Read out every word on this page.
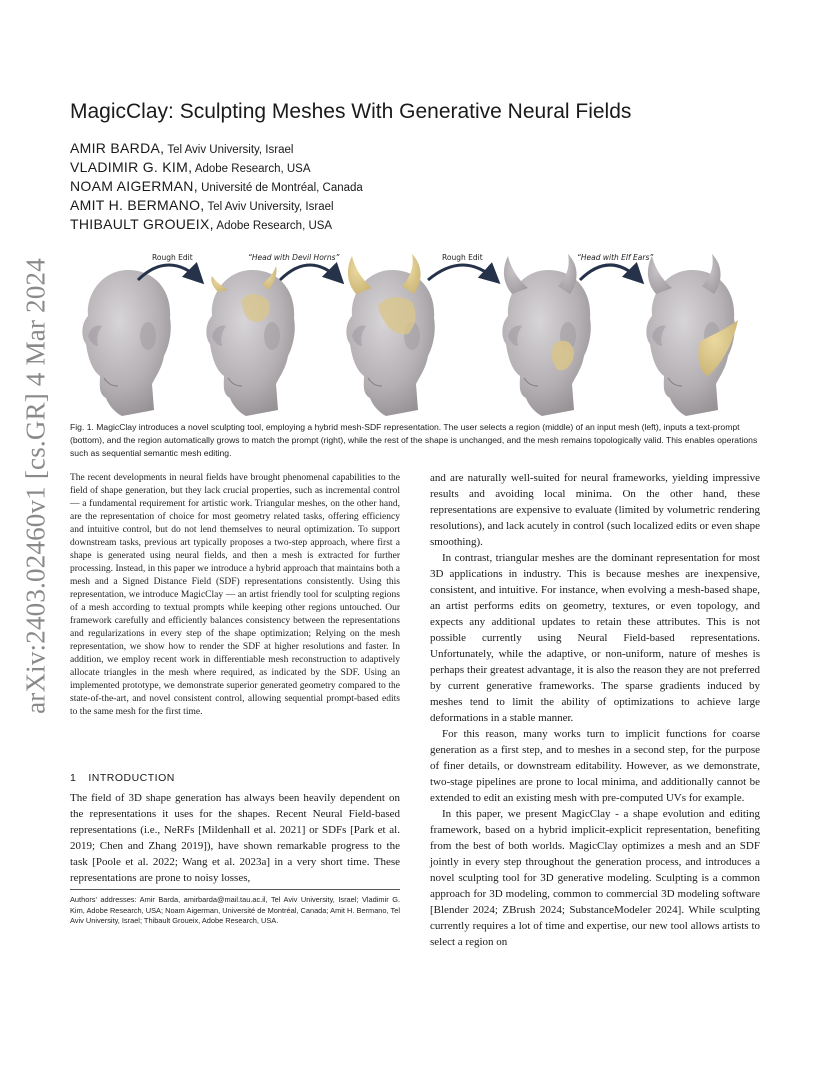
arXiv:2403.02460v1 [cs.GR] 4 Mar 2024
MagicClay: Sculpting Meshes With Generative Neural Fields
AMIR BARDA, Tel Aviv University, Israel
VLADIMIR G. KIM, Adobe Research, USA
NOAM AIGERMAN, Université de Montréal, Canada
AMIT H. BERMANO, Tel Aviv University, Israel
THIBAULT GROUEIX, Adobe Research, USA
Rough Edit	“Head with Devil Horns”	Rough Edit	“Head with Elf Ears”

Fig. 1. MagicClay introduces a novel sculpting tool, employing a hybrid mesh-SDF representation. The user selects a region (middle) of an input mesh (left), inputs a text-prompt (bottom), and the region automatically grows to match the prompt (right), while the rest of the shape is unchanged, and the mesh remains topologically valid. This enables operations such as sequential semantic mesh editing.

The recent developments in neural fields have brought phenomenal capabilities to the field of shape generation, but they lack crucial properties, such as incremental control — a fundamental requirement for artistic work. Triangular meshes, on the other hand, are the representation of choice for most geometry related tasks, offering efficiency and intuitive control, but do not lend themselves to neural optimization. To support downstream tasks, previous art typically proposes a two-step approach, where first a shape is generated using neural fields, and then a mesh is extracted for further processing. Instead, in this paper we introduce a hybrid approach that maintains both a mesh and a Signed Distance Field (SDF) representations consistently. Using this representation, we introduce MagicClay — an artist friendly tool for sculpting regions of a mesh according to textual prompts while keeping other regions untouched. Our framework carefully and efficiently balances consistency between the representations and regularizations in every step of the shape optimization; Relying on the mesh representation, we show how to render the SDF at higher resolutions and faster. In addition, we employ recent work in differentiable mesh reconstruction to adaptively allocate triangles in the mesh where required, as indicated by the SDF. Using an implemented prototype, we demonstrate superior generated geometry compared to the state-of-the-art, and novel consistent control, allowing sequential prompt-based edits to the same mesh for the first time.

1 INTRODUCTION

The field of 3D shape generation has always been heavily dependent on the representations it uses for the shapes. Recent Neural Field-based representations (i.e., NeRFs [Mildenhall et al. 2021] or SDFs [Park et al. 2019; Chen and Zhang 2019]), have shown remarkable progress to the task [Poole et al. 2022; Wang et al. 2023a] in a very short time. These representations are prone to noisy losses,

Authors' addresses: Amir Barda, amirbarda@mail.tau.ac.il, Tel Aviv University, Israel; Vladimir G. Kim, Adobe Research, USA; Noam Aigerman, Université de Montréal, Canada; Amit H. Bermano, Tel Aviv University, Israel; Thibault Groueix, Adobe Research, USA.

and are naturally well-suited for neural frameworks, yielding impressive results and avoiding local minima. On the other hand, these representations are expensive to evaluate (limited by volumetric rendering resolutions), and lack acutely in control (such localized edits or even shape smoothing).

In contrast, triangular meshes are the dominant representation for most 3D applications in industry. This is because meshes are inexpensive, consistent, and intuitive. For instance, when evolving a mesh-based shape, an artist performs edits on geometry, textures, or even topology, and expects any additional updates to retain these attributes. This is not possible currently using Neural Field-based representations. Unfortunately, while the adaptive, or non-uniform, nature of meshes is perhaps their greatest advantage, it is also the reason they are not preferred by current generative frameworks. The sparse gradients induced by meshes tend to limit the ability of optimizations to achieve large deformations in a stable manner.

For this reason, many works turn to implicit functions for coarse generation as a first step, and to meshes in a second step, for the purpose of finer details, or downstream editability. However, as we demonstrate, two-stage pipelines are prone to local minima, and additionally cannot be extended to edit an existing mesh with pre-computed UVs for example.

In this paper, we present MagicClay - a shape evolution and editing framework, based on a hybrid implicit-explicit representation, benefiting from the best of both worlds. MagicClay optimizes a mesh and an SDF jointly in every step throughout the generation process, and introduces a novel sculpting tool for 3D generative modeling. Sculpting is a common approach for 3D modeling, common to commercial 3D modeling software [Blender 2024; ZBrush 2024; SubstanceModeler 2024]. While sculpting currently requires a lot of time and expertise, our new tool allows artists to select a region on
